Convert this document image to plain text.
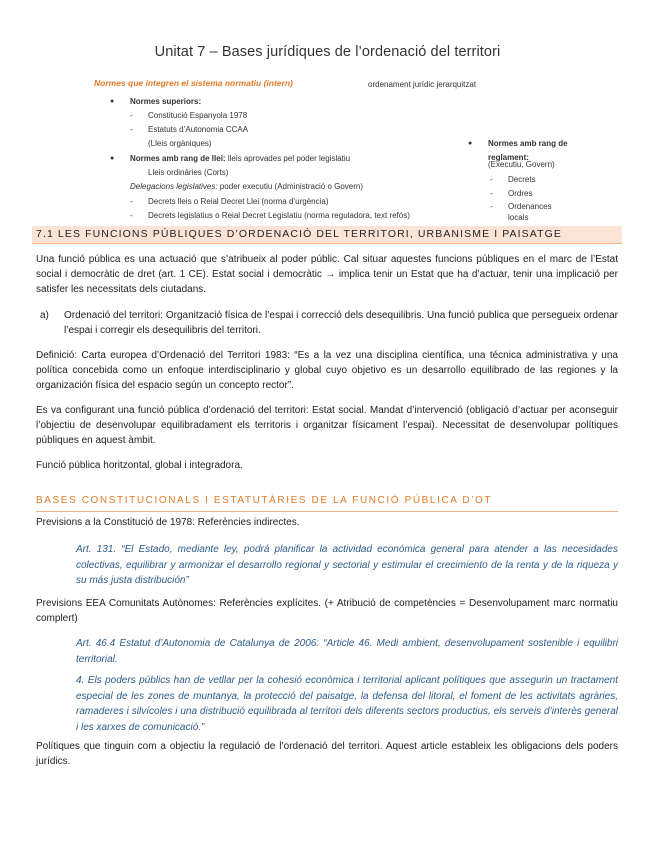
Unitat 7 – Bases jurídiques de l’ordenació del territori
Normes que integren el sistema normatiu (intern)	ordenament jurídic jerarquitzat
● Normes superiors:
- Constitució Espanyola 1978
- Estatuts d’Autonomia CCAA
(Lleis orgàniques)
● Normes amb rang de llei: lleis aprovades pel poder legislatiu
Lleis ordinàries (Corts)
Delegacions legislatives: poder executiu (Administració o Govern)
- Decrets lleis o Reial Decret Llei (norma d’urgència)
- Decrets legislatius o Reial Decret Legislatiu (norma reguladora, text refós)
● Normes amb rang de reglament:
(Executiu, Govern)
- Decrets
- Ordres
- Ordenances locals
7.1 LES FUNCIONS PÚBLIQUES D’ORDENACIÓ DEL TERRITORI, URBANISME I PAISATGE
Una funció pública es una actuació que s’atribueix al poder públic. Cal situar aquestes funcions públiques en el marc de l’Estat social i democràtic de dret (art. 1 CE). Estat social i democràtic → implica tenir un Estat que ha d’actuar, tenir una implicació per satisfer les necessitats dels ciutadans.
a)	Ordenació del territori: Organització física de l’espai i correcció dels desequilibris. Una funció publica que persegueix ordenar l’espai i corregir els desequilibris del territori.
Definició: Carta europea d’Ordenació del Territori 1983: “Es a la vez una disciplina científica, una técnica administrativa y una política concebida como un enfoque interdisciplinario y global cuyo objetivo es un desarrollo equilibrado de las regiones y la organización física del espacio según un concepto rector”.
Es va configurant una funció pública d’ordenació del territori: Estat social. Mandat d’intervenció (obligació d’actuar per aconseguir l’objectiu de desenvolupar equilibradament els territoris i organitzar físicament l’espai). Necessitat de desenvolupar polítiques públiques en aquest àmbit.
Funció pública horitzontal, global i integradora.
BASES CONSTITUCIONALS I ESTATUTÀRIES DE LA FUNCIÓ PÚBLICA D’OT
Previsions a la Constitució de 1978: Referències indirectes.
Art. 131. “El Estado, mediante ley, podrá planificar la actividad económica general para atender a las necesidades colectivas, equilibrar y armonizar el desarrollo regional y sectorial y estimular el crecimiento de la renta y de la riqueza y su más justa distribución”
Previsions EEA Comunitats Autònomes: Referències explícites. (+ Atribució de competències = Desenvolupament marc normatiu complert)
Art. 46.4 Estatut d’Autonomia de Catalunya de 2006: “Article 46. Medi ambient, desenvolupament sostenible i equilibri territorial.
4. Els poders públics han de vetllar per la cohesió econòmica i territorial aplicant polítiques que assegurin un tractament especial de les zones de muntanya, la protecció del paisatge, la defensa del litoral, el foment de les activitats agràries, ramaderes i silvícoles i una distribució equilibrada al territori dels diferents sectors productius, els serveis d’interès general i les xarxes de comunicació.”
Polítiques que tinguin com a objectiu la regulació de l’ordenació del territori. Aquest article estableix les obligacions dels poders jurídics.
